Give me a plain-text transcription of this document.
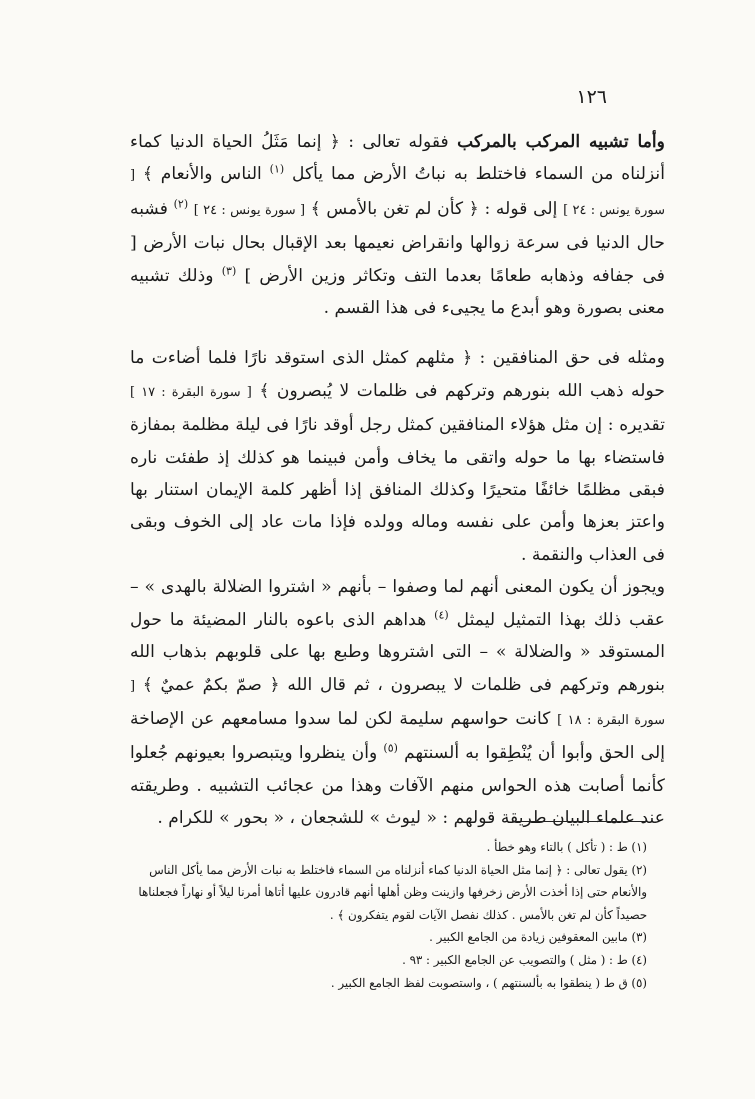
١٢٦

وأما تشبيه المركب بالمركب فقوله تعالى : ﴿ إنما مَثَلُ الحياة الدنيا كماء أنزلناه من السماء فاختلط به نباتُ الأرض مما يأكل $^{(١)}$ الناس والأنعام ﴾ [ سورة يونس : ٢٤ ] إلى قوله : ﴿ كأن لم تغن بالأمس ﴾ [ سورة يونس : ٢٤ ] $^{(٢)}$ فشبه حال الدنيا فى سرعة زوالها وانقراض نعيمها بعد الإقبال بحال نبات الأرض [ فى جفافه وذهابه طعامًا بعدما التف وتكاثر وزين الأرض ] $^{(٣)}$ وذلك تشبيه معنى بصورة وهو أبدع ما يجيىء فى هذا القسم .

ومثله فى حق المنافقين : ﴿ مثلهم كمثل الذى استوقد نارًا فلما أضاءت ما حوله ذهب الله بنورهم وتركهم فى ظلمات لا يُبصرون ﴾ [ سورة البقرة : ١٧ ] تقديره : إن مثل هؤلاء المنافقين كمثل رجل أوقد نارًا فى ليلة مظلمة بمفازة فاستضاء بها ما حوله واتقى ما يخاف وأمن فبينما هو كذلك إذ طفئت ناره فبقى مظلمًا خائفًا متحيرًا وكذلك المنافق إذا أظهر كلمة الإيمان استنار بها واعتز بعزها وأمن على نفسه وماله وولده فإذا مات عاد إلى الخوف وبقى فى العذاب والنقمة .
ويجوز أن يكون المعنى أنهم لما وصفوا – بأنهم « اشتروا الضلالة بالهدى » – عقب ذلك بهذا التمثيل ليمثل $^{(٤)}$ هداهم الذى باعوه بالنار المضيئة ما حول المستوقد « والضلالة » – التى اشتروها وطبع بها على قلوبهم بذهاب الله بنورهم وتركهم فى ظلمات لا يبصرون ، ثم قال الله ﴿ صمّ بكمٌ عميٌ ﴾ [ سورة البقرة : ١٨ ] كانت حواسهم سليمة لكن لما سدوا مسامعهم عن الإصاخة إلى الحق وأبوا أن يُنْطِقوا به ألسنتهم $^{(٥)}$ وأن ينظروا ويتبصروا بعيونهم جُعلوا كأنما أصابت هذه الحواس منهم الآفات وهذا من عجائب التشبيه . وطريقته عند علماء البيان طريقة قولهم : « ليوث » للشجعان ، « بحور » للكرام .

(١) ط : ( تأكل ) بالتاء وهو خطأ .

(٢) يقول تعالى : ﴿ إنما مثل الحياة الدنيا كماء أنزلناه من السماء فاختلط به نبات الأرض مما يأكل الناس والأنعام حتى إذا أخذت الأرض زخرفها وازينت وظن أهلها أنهم قادرون عليها أتاها أمرنا ليلاً أو نهاراً فجعلناها حصيداً كأن لم تغن بالأمس . كذلك نفصل الآيات لقوم يتفكرون ﴾ .

(٣) مابين المعقوفين زيادة من الجامع الكبير .

(٤) ط : ( مثل ) والتصويب عن الجامع الكبير : ٩٣ .

(٥) ق ط ( ينطقوا به بألسنتهم ) ، واستصوبت لفظ الجامع الكبير .
